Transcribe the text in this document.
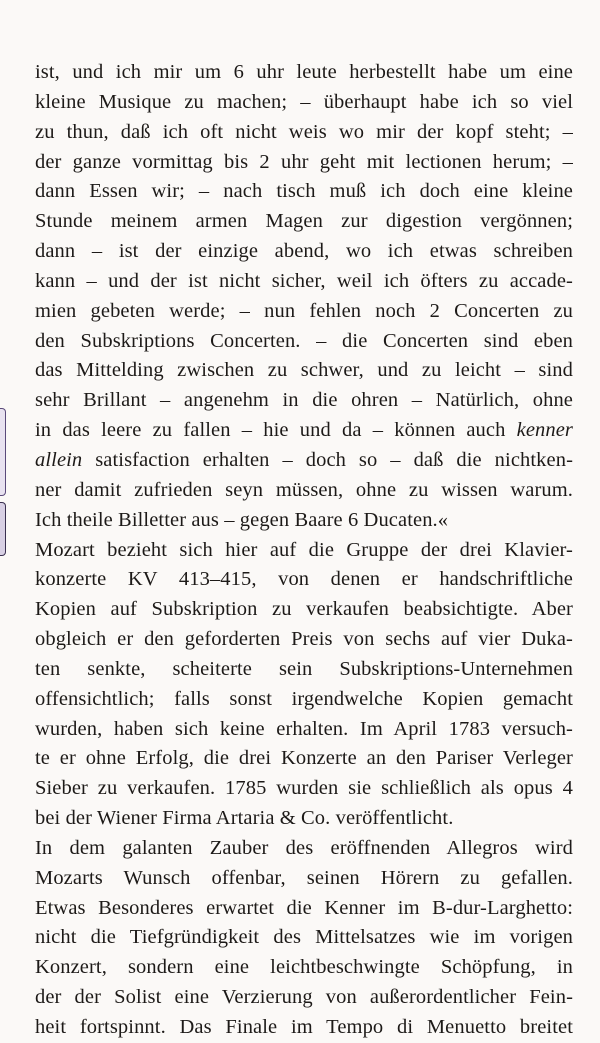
ist, und ich mir um 6 uhr leute herbestellt habe um eine
kleine Musique zu machen; – überhaupt habe ich so viel
zu thun, daß ich oft nicht weis wo mir der kopf steht; –
der ganze vormittag bis 2 uhr geht mit lectionen herum; –
dann Essen wir; – nach tisch muß ich doch eine kleine
Stunde meinem armen Magen zur digestion vergönnen;
dann – ist der einzige abend, wo ich etwas schreiben
kann – und der ist nicht sicher, weil ich öfters zu accade-
mien gebeten werde; – nun fehlen noch 2 Concerten zu
den Subskriptions Concerten. – die Concerten sind eben
das Mittelding zwischen zu schwer, und zu leicht – sind
sehr Brillant – angenehm in die ohren – Natürlich, ohne
in das leere zu fallen – hie und da – können auch kenner
allein satisfaction erhalten – doch so – daß die nichtken-
ner damit zufrieden seyn müssen, ohne zu wissen warum.
Ich theile Billetter aus – gegen Baare 6 Ducaten.«
Mozart bezieht sich hier auf die Gruppe der drei Klavier-
konzerte KV 413–415, von denen er handschriftliche
Kopien auf Subskription zu verkaufen beabsichtigte. Aber
obgleich er den geforderten Preis von sechs auf vier Duka-
ten senkte, scheiterte sein Subskriptions-Unternehmen
offensichtlich; falls sonst irgendwelche Kopien gemacht
wurden, haben sich keine erhalten. Im April 1783 versuch-
te er ohne Erfolg, die drei Konzerte an den Pariser Verleger
Sieber zu verkaufen. 1785 wurden sie schließlich als opus 4
bei der Wiener Firma Artaria & Co. veröffentlicht.
In dem galanten Zauber des eröffnenden Allegros wird
Mozarts Wunsch offenbar, seinen Hörern zu gefallen.
Etwas Besonderes erwartet die Kenner im B-dur-Larghetto:
nicht die Tiefgründigkeit des Mittelsatzes wie im vorigen
Konzert, sondern eine leichtbeschwingte Schöpfung, in
der der Solist eine Verzierung von außerordentlicher Fein-
heit fortspinnt. Das Finale im Tempo di Menuetto breitet
